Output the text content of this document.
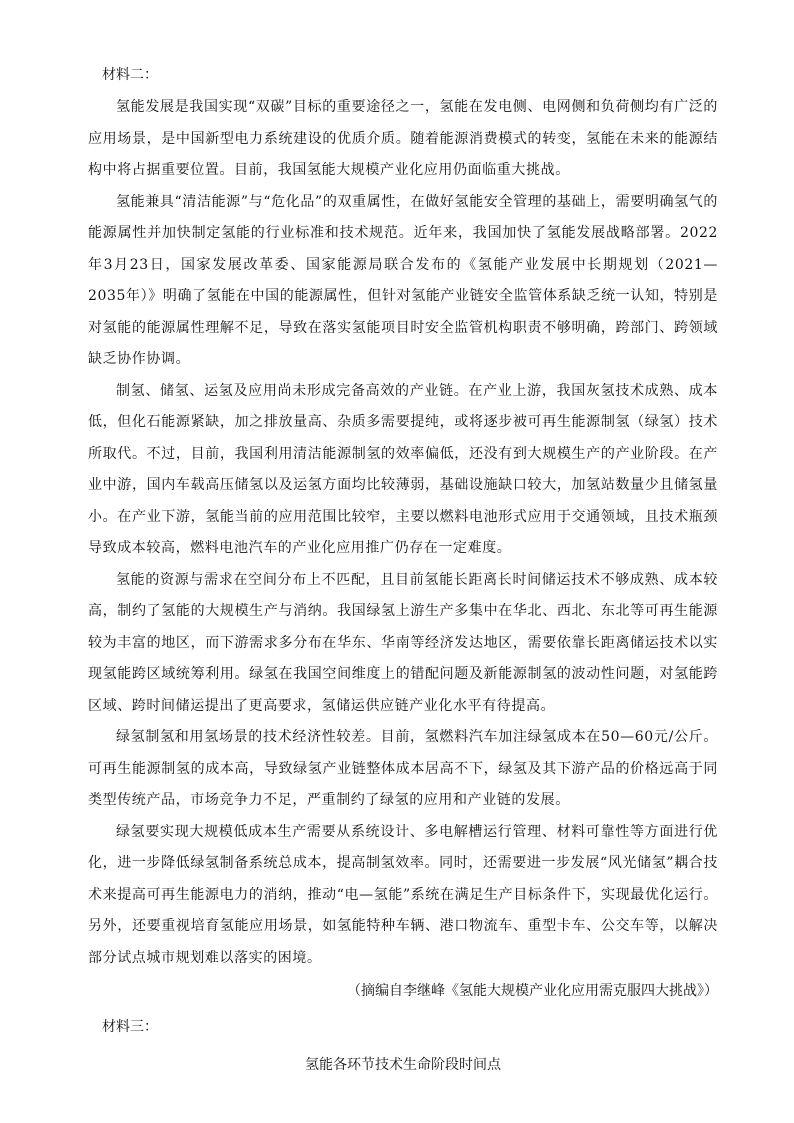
材料二：

氢能发展是我国实现“双碳”目标的重要途径之一，氢能在发电侧、电网侧和负荷侧均有广泛的应用场景，是中国新型电力系统建设的优质介质。随着能源消费模式的转变，氢能在未来的能源结构中将占据重要位置。目前，我国氢能大规模产业化应用仍面临重大挑战。

氢能兼具“清洁能源”与“危化品”的双重属性，在做好氢能安全管理的基础上，需要明确氢气的能源属性并加快制定氢能的行业标准和技术规范。近年来，我国加快了氢能发展战略部署。2022年3月23日，国家发展改革委、国家能源局联合发布的《氢能产业发展中长期规划（2021—2035年）》明确了氢能在中国的能源属性，但针对氢能产业链安全监管体系缺乏统一认知，特别是对氢能的能源属性理解不足，导致在落实氢能项目时安全监管机构职责不够明确，跨部门、跨领域缺乏协作协调。

制氢、储氢、运氢及应用尚未形成完备高效的产业链。在产业上游，我国灰氢技术成熟、成本低，但化石能源紧缺，加之排放量高、杂质多需要提纯，或将逐步被可再生能源制氢（绿氢）技术所取代。不过，目前，我国利用清洁能源制氢的效率偏低，还没有到大规模生产的产业阶段。在产业中游，国内车载高压储氢以及运氢方面均比较薄弱，基础设施缺口较大，加氢站数量少且储氢量小。在产业下游，氢能当前的应用范围比较窄，主要以燃料电池形式应用于交通领域，且技术瓶颈导致成本较高，燃料电池汽车的产业化应用推广仍存在一定难度。

氢能的资源与需求在空间分布上不匹配，且目前氢能长距离长时间储运技术不够成熟、成本较高，制约了氢能的大规模生产与消纳。我国绿氢上游生产多集中在华北、西北、东北等可再生能源较为丰富的地区，而下游需求多分布在华东、华南等经济发达地区，需要依靠长距离储运技术以实现氢能跨区域统筹利用。绿氢在我国空间维度上的错配问题及新能源制氢的波动性问题，对氢能跨区域、跨时间储运提出了更高要求，氢储运供应链产业化水平有待提高。

绿氢制氢和用氢场景的技术经济性较差。目前，氢燃料汽车加注绿氢成本在50—60元/公斤。可再生能源制氢的成本高，导致绿氢产业链整体成本居高不下，绿氢及其下游产品的价格远高于同类型传统产品，市场竞争力不足，严重制约了绿氢的应用和产业链的发展。

绿氢要实现大规模低成本生产需要从系统设计、多电解槽运行管理、材料可靠性等方面进行优化，进一步降低绿氢制备系统总成本，提高制氢效率。同时，还需要进一步发展“风光储氢”耦合技术来提高可再生能源电力的消纳，推动“电—氢能”系统在满足生产目标条件下，实现最优化运行。另外，还要重视培育氢能应用场景，如氢能特种车辆、港口物流车、重型卡车、公交车等，以解决部分试点城市规划难以落实的困境。

（摘编自李继峰《氢能大规模产业化应用需克服四大挑战》）
材料三：
氢能各环节技术生命阶段时间点
